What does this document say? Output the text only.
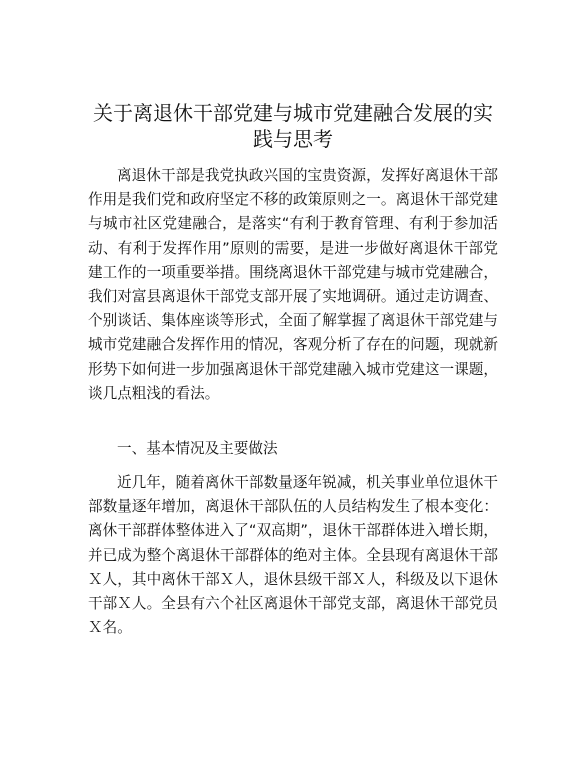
关于离退休干部党建与城市党建融合发展的实践与思考

离退休干部是我党执政兴国的宝贵资源，发挥好离退休干部作用是我们党和政府坚定不移的政策原则之一。离退休干部党建与城市社区党建融合，是落实“有利于教育管理、有利于参加活动、有利于发挥作用”原则的需要，是进一步做好离退休干部党建工作的一项重要举措。围绕离退休干部党建与城市党建融合，我们对富县离退休干部党支部开展了实地调研。通过走访调查、个别谈话、集体座谈等形式，全面了解掌握了离退休干部党建与城市党建融合发挥作用的情况，客观分析了存在的问题，现就新形势下如何进一步加强离退休干部党建融入城市党建这一课题，谈几点粗浅的看法。

一、基本情况及主要做法

近几年，随着离休干部数量逐年锐减，机关事业单位退休干部数量逐年增加，离退休干部队伍的人员结构发生了根本变化：离休干部群体整体进入了“双高期”，退休干部群体进入增长期，并已成为整个离退休干部群体的绝对主体。全县现有离退休干部Ｘ人，其中离休干部Ｘ人，退休县级干部Ｘ人，科级及以下退休干部Ｘ人。全县有六个社区离退休干部党支部，离退休干部党员Ｘ名。
